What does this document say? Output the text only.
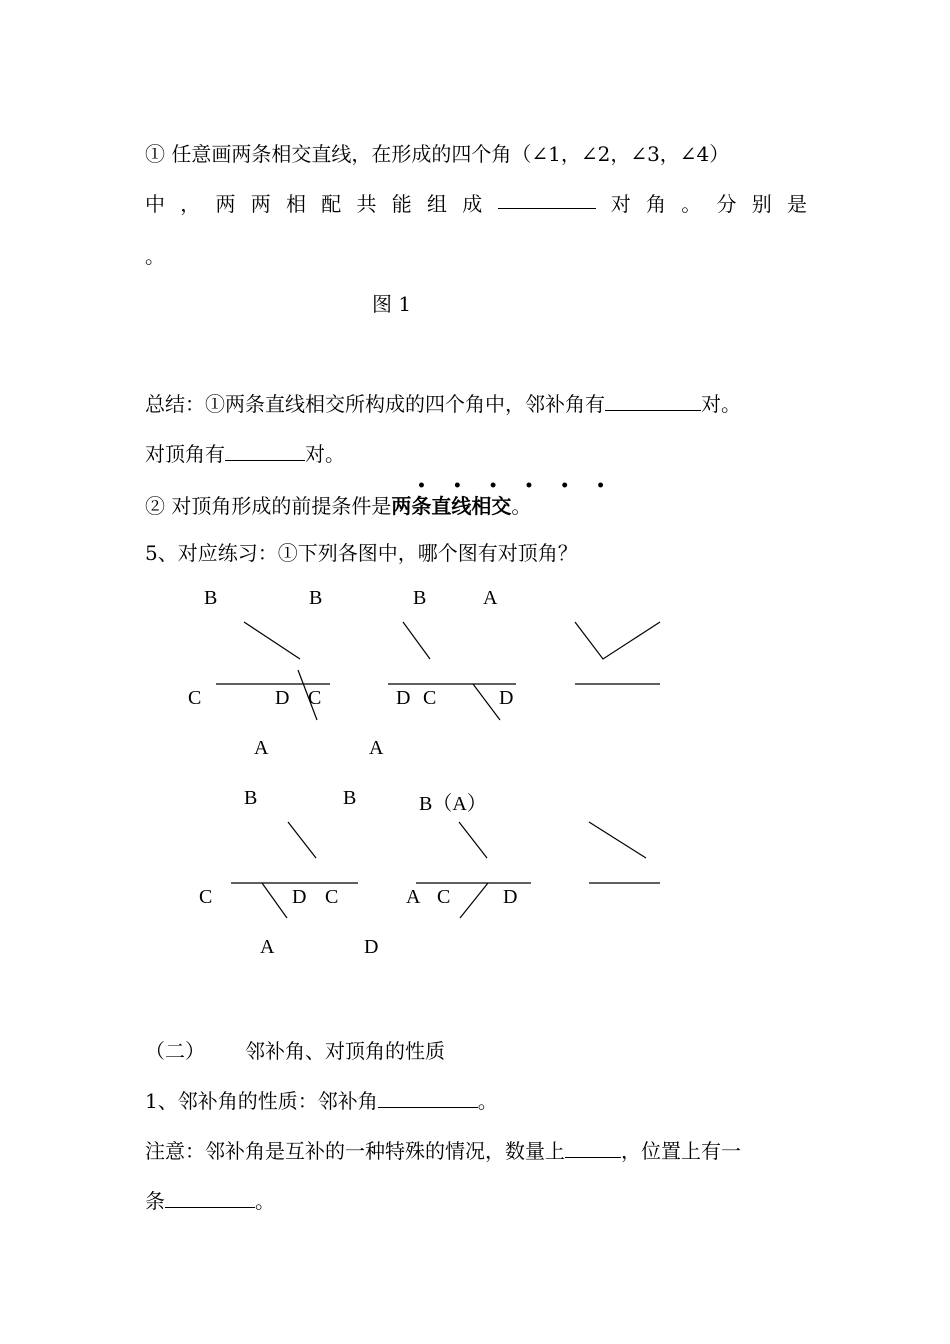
① 任意画两条相交直线，在形成的四个角（∠1，∠2，∠3，∠4）
中 ， 两 两 相 配 共 能 组 成	对 角 。 分 别 是
。
图 1
总结：①两条直线相交所构成的四个角中，邻补角有	对。
对顶角有	对。
• • • • • •
② 对顶角形成的前提条件是两条直线相交。
5、对应练习：①下列各图中，哪个图有对顶角？
B	B	B	A
C	D C	D C	D
A	A
B	B	B（A）
C	D C	A C	D
A	D
（二） 邻补角、对顶角的性质
1、邻补角的性质：邻补角	。
注意：邻补角是互补的一种特殊的情况，数量上	，位置上有一
条	。
